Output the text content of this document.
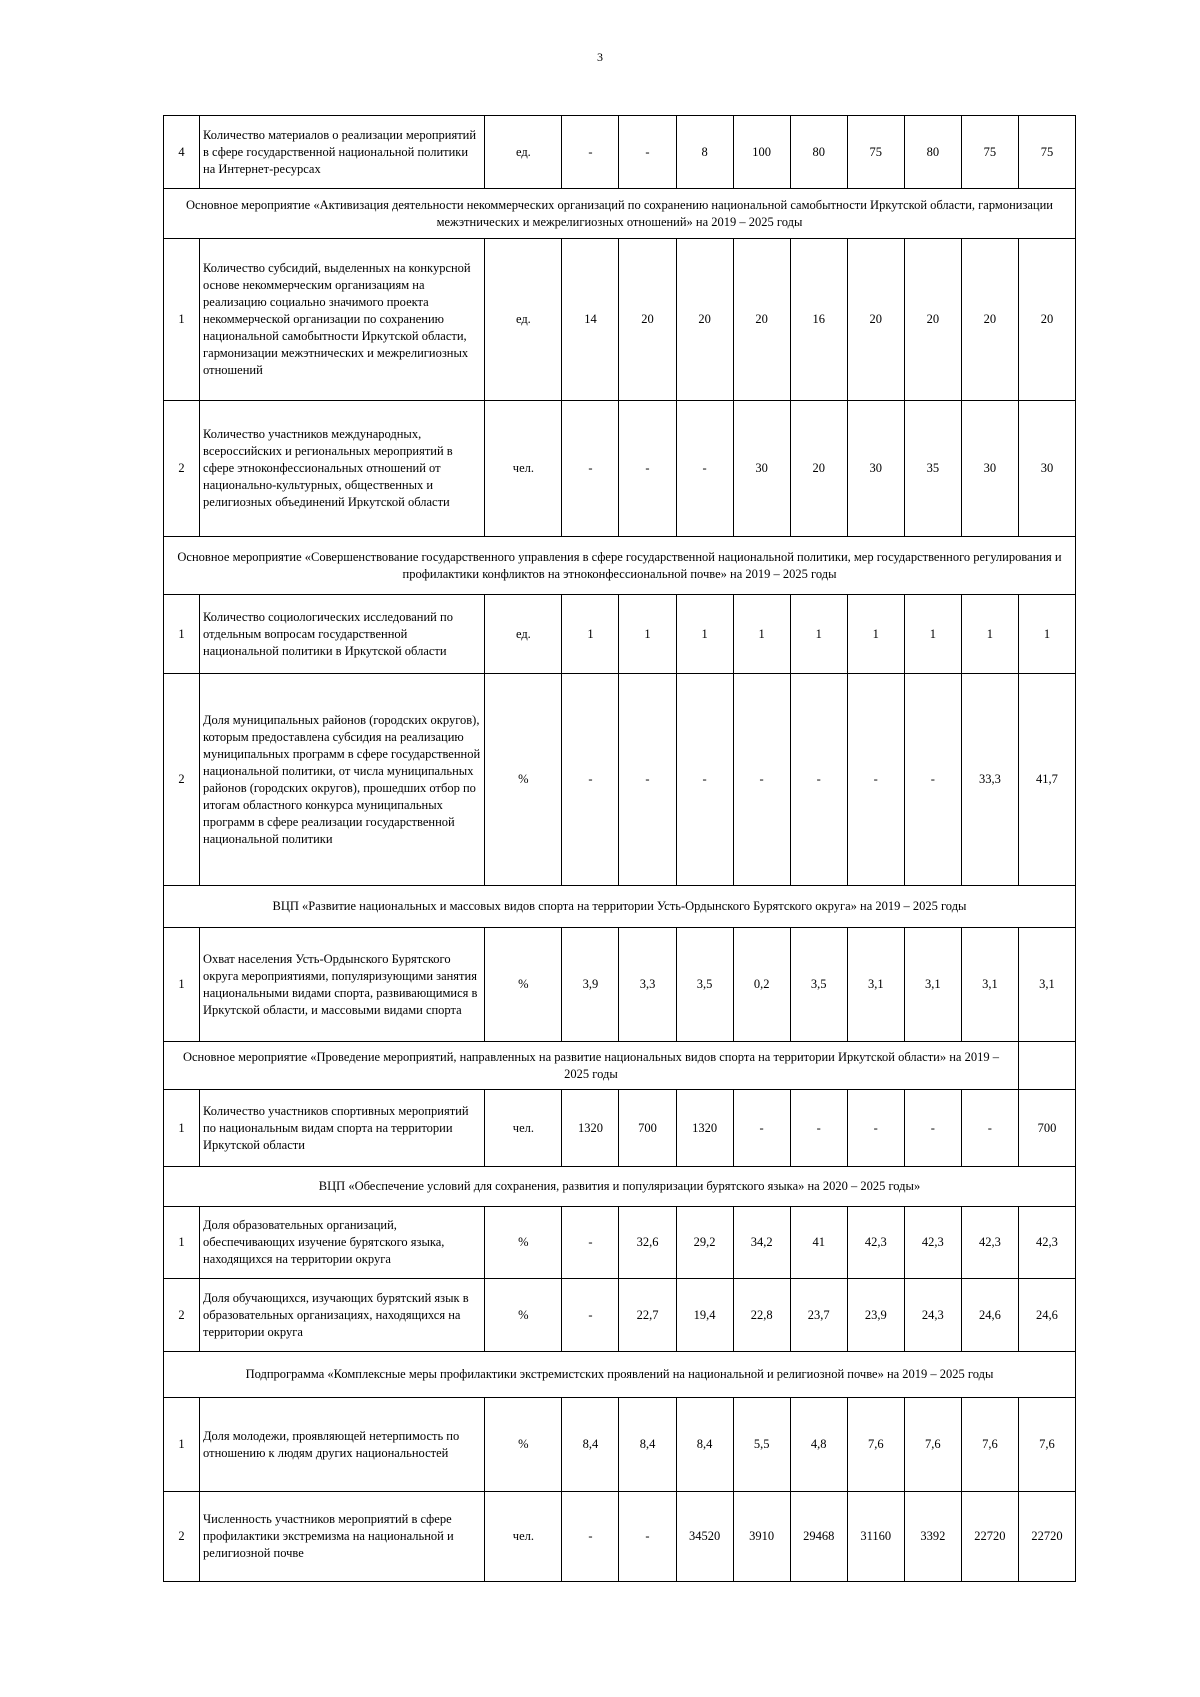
3
4	Количество материалов о реализации мероприятий в сфере государственной национальной политики на Интернет-ресурсах	ед.	-	-	8	100	80	75	80	75	75
Основное мероприятие «Активизация деятельности некоммерческих организаций по сохранению национальной самобытности Иркутской области, гармонизации межэтнических и межрелигиозных отношений» на 2019 – 2025 годы											
1	Количество субсидий, выделенных на конкурсной основе некоммерческим организациям на реализацию социально значимого проекта некоммерческой организации по сохранению национальной самобытности Иркутской области, гармонизации межэтнических и межрелигиозных отношений	ед.	14	20	20	20	16	20	20	20	20
2	Количество участников международных, всероссийских и региональных мероприятий в сфере этноконфессиональных отношений от национально-культурных, общественных и религиозных объединений Иркутской области	чел.	-	-	-	30	20	30	35	30	30
Основное мероприятие «Совершенствование государственного управления в сфере государственной национальной политики, мер государственного регулирования и профилактики конфликтов на этноконфессиональной почве» на 2019 – 2025 годы											
1	Количество социологических исследований по отдельным вопросам государственной национальной политики в Иркутской области	ед.	1	1	1	1	1	1	1	1	1
2	Доля муниципальных районов (городских округов), которым предоставлена субсидия на реализацию муниципальных программ в сфере государственной национальной политики, от числа муниципальных районов (городских округов), прошедших отбор по итогам областного конкурса муниципальных программ в сфере реализации государственной национальной политики	%	-	-	-	-	-	-	-	33,3	41,7
ВЦП «Развитие национальных и массовых видов спорта на территории Усть-Ордынского Бурятского округа» на 2019 – 2025 годы											
1	Охват населения Усть-Ордынского Бурятского округа мероприятиями, популяризующими занятия национальными видами спорта, развивающимися в Иркутской области, и массовыми видами спорта	%	3,9	3,3	3,5	0,2	3,5	3,1	3,1	3,1	3,1
Основное мероприятие «Проведение мероприятий, направленных на развитие национальных видов спорта на территории Иркутской области» на 2019 – 2025 годы											
1	Количество участников спортивных мероприятий по национальным видам спорта на территории Иркутской области	чел.	1320	700	1320	-	-	-	-	-	700
ВЦП «Обеспечение условий для сохранения, развития и популяризации бурятского языка» на 2020 – 2025 годы»											
1	Доля образовательных организаций, обеспечивающих изучение бурятского языка, находящихся на территории округа	%	-	32,6	29,2	34,2	41	42,3	42,3	42,3	42,3
2	Доля обучающихся, изучающих бурятский язык в образовательных организациях, находящихся на территории округа	%	-	22,7	19,4	22,8	23,7	23,9	24,3	24,6	24,6
Подпрограмма «Комплексные меры профилактики экстремистских проявлений на национальной и религиозной почве» на 2019 – 2025 годы											
1	Доля молодежи, проявляющей нетерпимость по отношению к людям других национальностей	%	8,4	8,4	8,4	5,5	4,8	7,6	7,6	7,6	7,6
2	Численность участников мероприятий в сфере профилактики экстремизма на национальной и религиозной почве	чел.	-	-	34520	3910	29468	31160	3392	22720	22720
